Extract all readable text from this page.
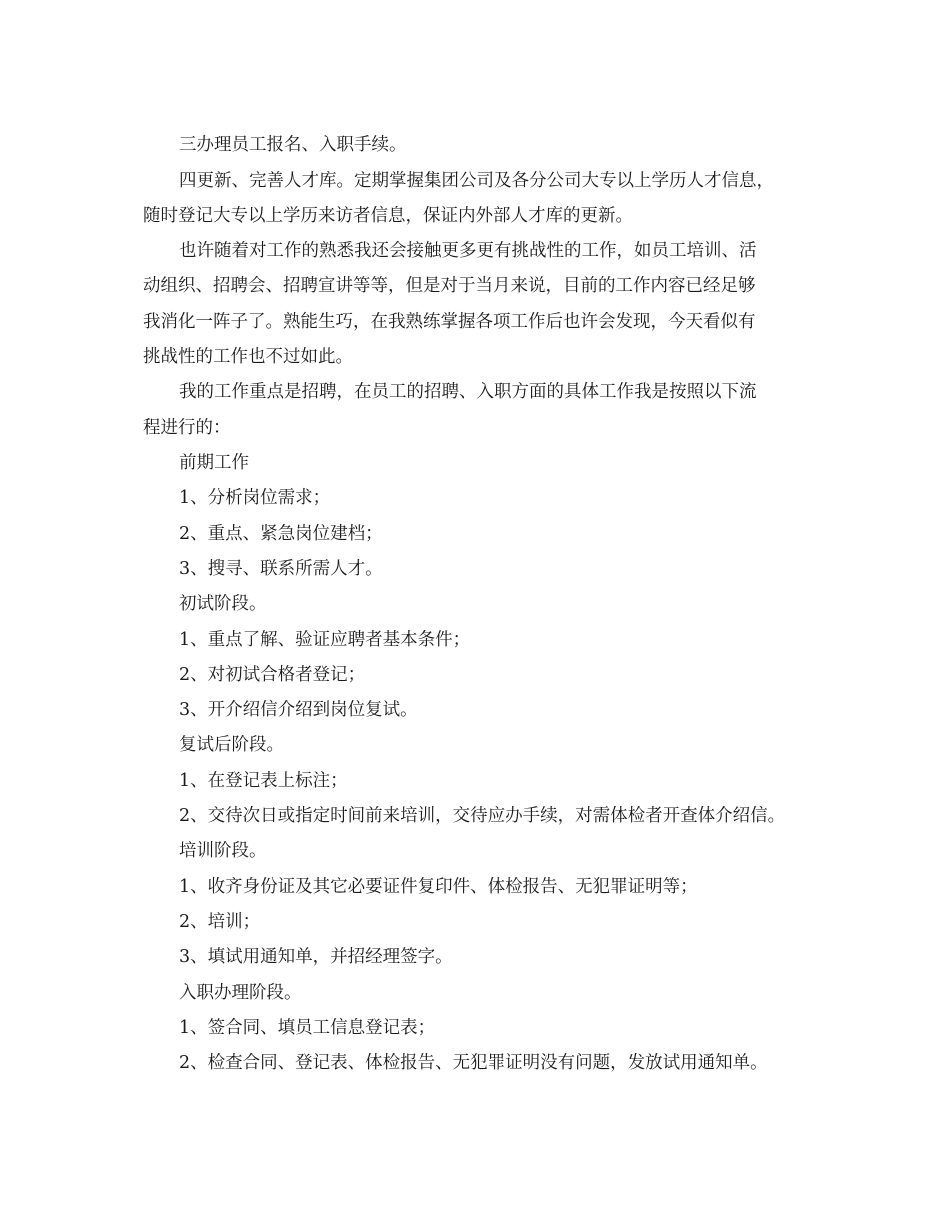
三办理员工报名、入职手续。
四更新、完善人才库。定期掌握集团公司及各分公司大专以上学历人才信息，
随时登记大专以上学历来访者信息，保证内外部人才库的更新。
也许随着对工作的熟悉我还会接触更多更有挑战性的工作，如员工培训、活
动组织、招聘会、招聘宣讲等等，但是对于当月来说，目前的工作内容已经足够
我消化一阵子了。熟能生巧，在我熟练掌握各项工作后也许会发现，今天看似有
挑战性的工作也不过如此。
我的工作重点是招聘，在员工的招聘、入职方面的具体工作我是按照以下流
程进行的：
前期工作
1、分析岗位需求；
2、重点、紧急岗位建档；
3、搜寻、联系所需人才。
初试阶段。
1、重点了解、验证应聘者基本条件；
2、对初试合格者登记；
3、开介绍信介绍到岗位复试。
复试后阶段。
1、在登记表上标注；
2、交待次日或指定时间前来培训，交待应办手续，对需体检者开查体介绍信。
培训阶段。
1、收齐身份证及其它必要证件复印件、体检报告、无犯罪证明等；
2、培训；
3、填试用通知单，并招经理签字。
入职办理阶段。
1、签合同、填员工信息登记表；
2、检查合同、登记表、体检报告、无犯罪证明没有问题，发放试用通知单。
